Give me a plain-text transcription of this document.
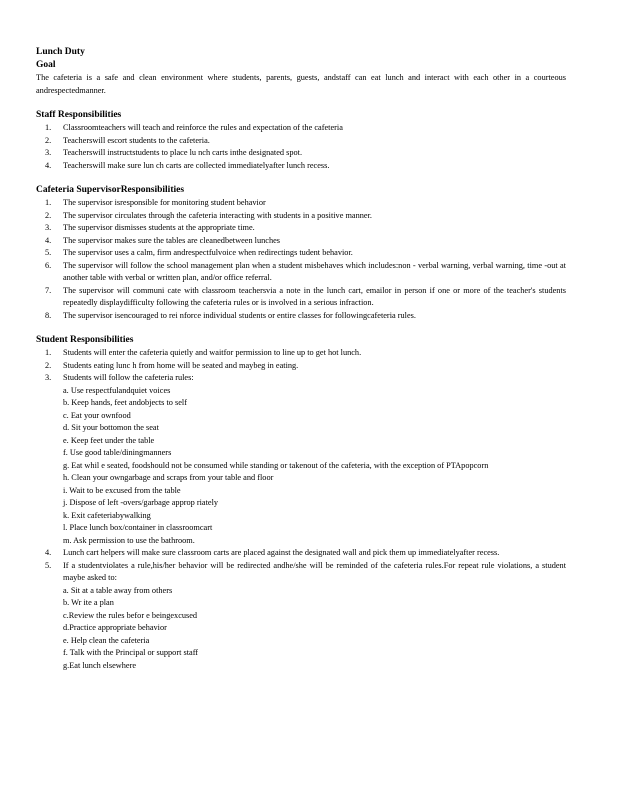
Lunch Duty
Goal

The cafeteria is a safe and clean environment where students, parents, guests, andstaff can eat lunch and interact with each other in a courteous andrespectedmanner.

Staff Responsibilities
1. Classroomteachers will teach and reinforce the rules and expectation of the cafeteria
2. Teacherswill escort students to the cafeteria.
3. Teacherswill instructstudents to place lu nch carts inthe designated spot.
4. Teacherswill make sure lun ch carts are collected immediatelyafter lunch recess.
Cafeteria SupervisorResponsibilities
1. The supervisor isresponsible for monitoring student behavior
2. The supervisor circulates through the cafeteria interacting with students in a positive manner.
3. The supervisor dismisses students at the appropriate time.
4. The supervisor makes sure the tables are cleanedbetween lunches
5. The supervisor uses a calm, firm andrespectfulvoice when redirectings tudent behavior.
6. The supervisor will follow the school management plan when a student misbehaves which includes:non - verbal warning, verbal warning, time -out at another table with verbal or written plan, and/or office referral.
7. The supervisor will communi cate with classroom teachersvia a note in the lunch cart, emailor in person if one or more of the teacher's students repeatedly displaydifficulty following the cafeteria rules or is involved in a serious infraction.
8. The supervisor isencouraged to rei nforce individual students or entire classes for followingcafeteria rules.
Student Responsibilities
1. Students will enter the cafeteria quietly and waitfor permission to line up to get hot lunch.
2. Students eating lunc h from home will be seated and maybeg in eating.
3. Students will follow the cafeteria rules:
a. Use respectfulandquiet voices
b. Keep hands, feet andobjects to self
c. Eat your ownfood
d. Sit your bottomon the seat
e. Keep feet under the table
f. Use good table/diningmanners
g. Eat whil e seated, foodshould not be consumed while standing or takenout of the cafeteria, with the exception of PTApopcorn
h. Clean your owngarbage and scraps from your table and floor
i. Wait to be excused from the table
j. Dispose of left -overs/garbage approp riately
k. Exit cafeteriabywalking
l. Place lunch box/container in classroomcart
m. Ask permission to use the bathroom.
4. Lunch cart helpers will make sure classroom carts are placed against the designated wall and pick them up immediatelyafter recess.
5. If a studentviolates a rule,his/her behavior will be redirected andhe/she will be reminded of the cafeteria rules.For repeat rule violations, a student maybe asked to:
a. Sit at a table away from others
b. Wr ite a plan
c.Review the rules befor e beingexcused
d.Practice appropriate behavior
e. Help clean the cafeteria
f. Talk with the Principal or support staff
g.Eat lunch elsewhere
